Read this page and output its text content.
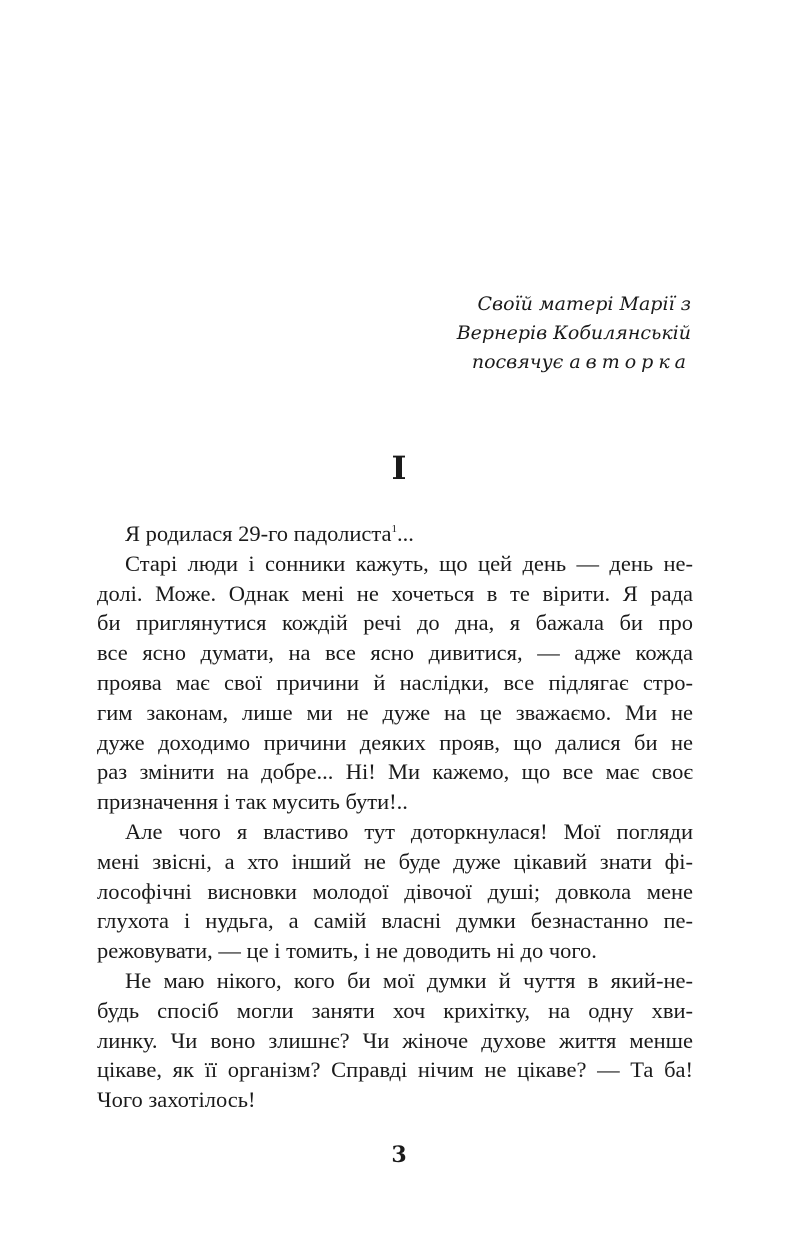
Своїй матері Марії з
Вернерів Кобилянській
посвячує авторка
I

Я родилася 29-го падолиста$^1$...

Старі люди і сонники кажуть, що цей день — день не-
долі. Може. Однак мені не хочеться в те вірити. Я рада
би приглянутися кождій речі до дна, я бажала би про
все ясно думати, на все ясно дивитися, — адже кожда
проява має свої причини й наслідки, все підлягає стро-
гим законам, лише ми не дуже на це зважаємо. Ми не
дуже доходимо причини деяких прояв, що далися би не
раз змінити на добре... Ні! Ми кажемо, що все має своє
призначення і так мусить бути!..

Але чого я властиво тут доторкнулася! Мої погляди
мені звісні, а хто інший не буде дуже цікавий знати фі-
лософічні висновки молодої дівочої душі; довкола мене
глухота і нудьга, а самій власні думки безнастанно пе-
режовувати, — це і томить, і не доводить ні до чого.

Не маю нікого, кого би мої думки й чуття в який-не-
будь спосіб могли заняти хоч крихітку, на одну хви-
линку. Чи воно злишнє? Чи жіноче духове життя менше
цікаве, як її організм? Справді нічим не цікаве? — Та ба!
Чого захотілось!

3
